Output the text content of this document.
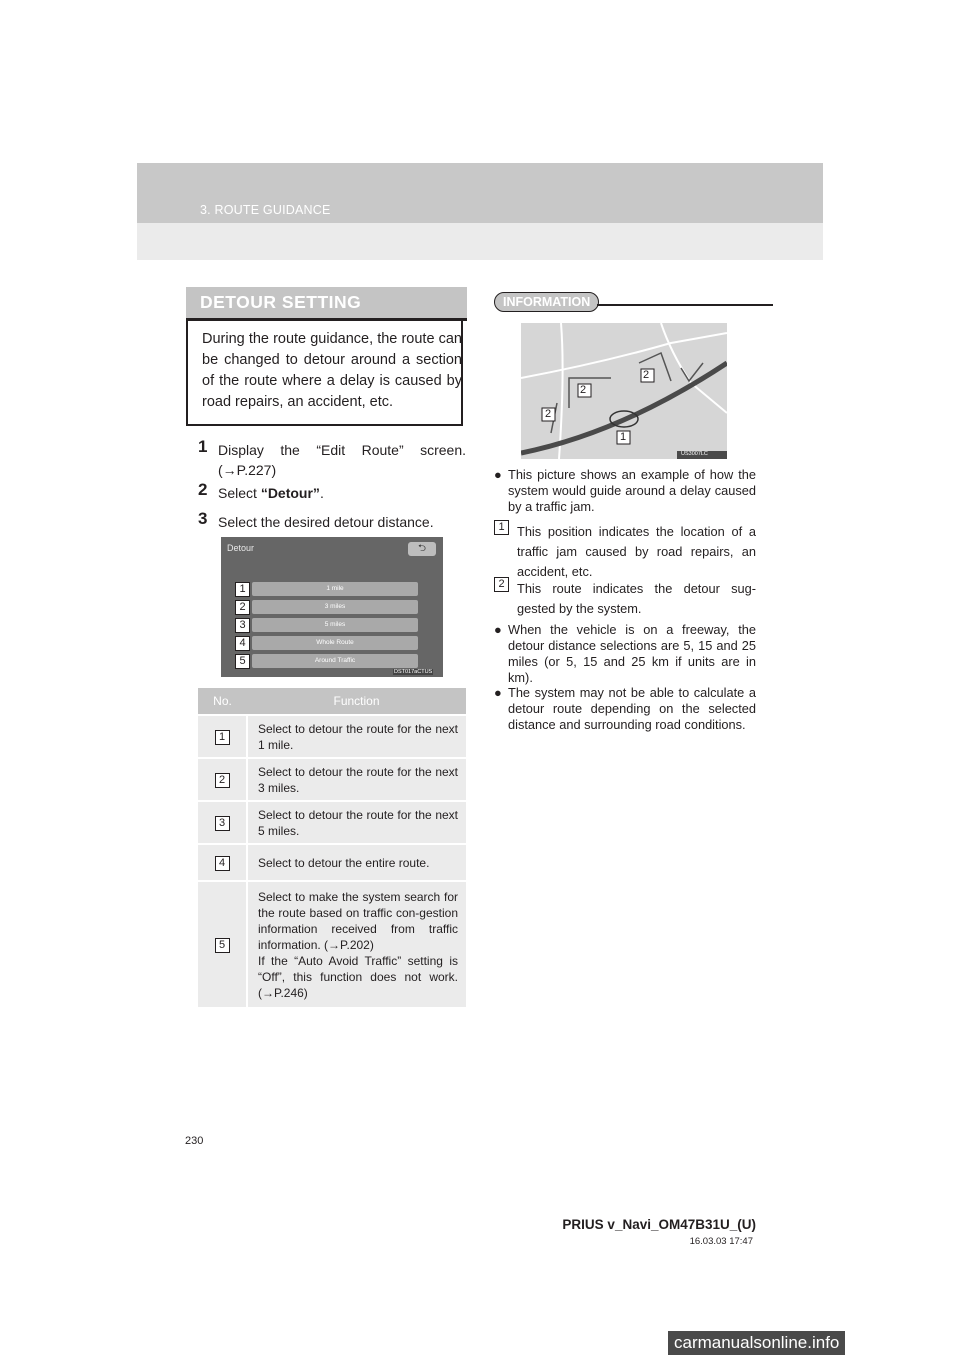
3. ROUTE GUIDANCE
DETOUR SETTING

During the route guidance, the route can be changed to detour around a section of the route where a delay is caused by road repairs, an accident, etc.

1 Display the “Edit Route” screen. (→P.227)
2 Select “Detour”.
3 Select the desired detour distance.
Detour	⮌
1 mile
3 miles
5 miles
Whole Route
Around Traffic
1
2
3
4
5
DST017aCTUS
No.	Function
1	Select to detour the route for the next 1 mile.
2	Select to detour the route for the next 3 miles.
3	Select to detour the route for the next 5 miles.
4	Select to detour the entire route.
5	Select to make the system search for the route based on traffic con-gestion information received from traffic information. (→P.202)
If the “Auto Avoid Traffic” setting is “Off”, this function does not work. (→P.246)
INFORMATION
2
2
2
1
US3007LC
● This picture shows an example of how the system would guide around a delay caused by a traffic jam.
1 This position indicates the location of a traffic jam caused by road repairs, an accident, etc.
2 This route indicates the detour sug-gested by the system.
● When the vehicle is on a freeway, the detour distance selections are 5, 15 and 25 miles (or 5, 15 and 25 km if units are in km).
● The system may not be able to calculate a detour route depending on the selected distance and surrounding road conditions.
230
PRIUS v_Navi_OM47B31U_(U)
16.03.03 17:47
carmanualsonline.info
